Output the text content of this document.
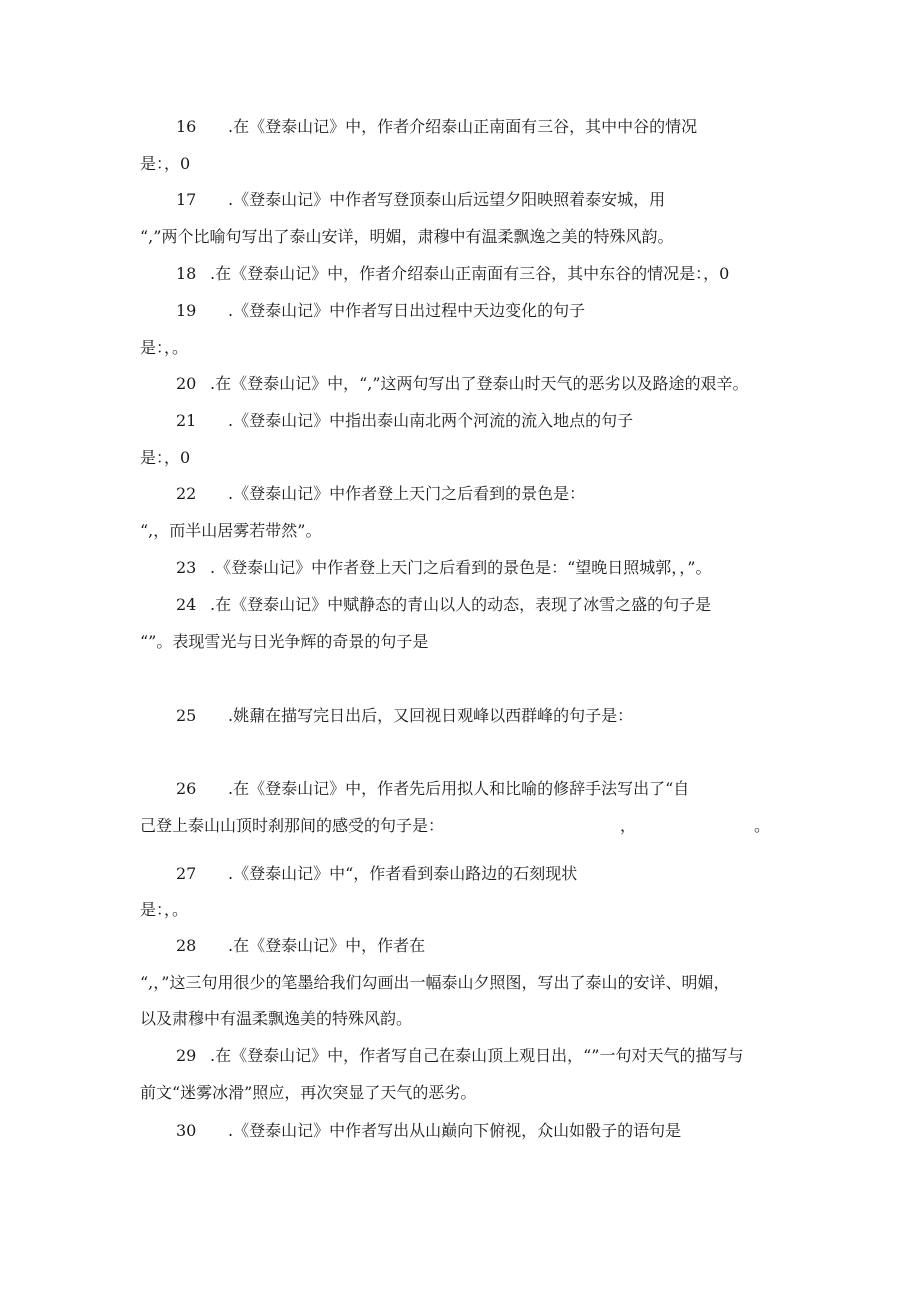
16 .在《登泰山记》中，作者介绍泰山正南面有三谷，其中中谷的情况
是：，0
17 .《登泰山记》中作者写登顶泰山后远望夕阳映照着泰安城，用
“,”两个比喻句写出了泰山安详，明媚，肃穆中有温柔飘逸之美的特殊风韵。
18 .在《登泰山记》中，作者介绍泰山正南面有三谷，其中东谷的情况是：，0
19 .《登泰山记》中作者写日出过程中天边变化的句子
是：，。
20 .在《登泰山记》中，“,”这两句写出了登泰山时天气的恶劣以及路途的艰辛。
21 .《登泰山记》中指出泰山南北两个河流的流入地点的句子
是：，0
22 .《登泰山记》中作者登上天门之后看到的景色是：
“,，而半山居雾若带然”。
23 .《登泰山记》中作者登上天门之后看到的景色是：“望晚日照城郭，，”。
24 .在《登泰山记》中赋静态的青山以人的动态，表现了冰雪之盛的句子是
“”。表现雪光与日光争辉的奇景的句子是
25 .姚鼐在描写完日出后，又回视日观峰以西群峰的句子是：
26 .在《登泰山记》中，作者先后用拟人和比喻的修辞手法写出了“自
己登上泰山山顶时刹那间的感受的句子是：	，	。
27 .《登泰山记》中“，作者看到泰山路边的石刻现状
是：，。
28 .在《登泰山记》中，作者在
“,，”这三句用很少的笔墨给我们勾画出一幅泰山夕照图，写出了泰山的安详、明媚，
以及肃穆中有温柔飘逸美的特殊风韵。
29 .在《登泰山记》中，作者写自己在泰山顶上观日出，“”一句对天气的描写与
前文“迷雾冰滑”照应，再次突显了天气的恶劣。
30 .《登泰山记》中作者写出从山巅向下俯视，众山如骰子的语句是
